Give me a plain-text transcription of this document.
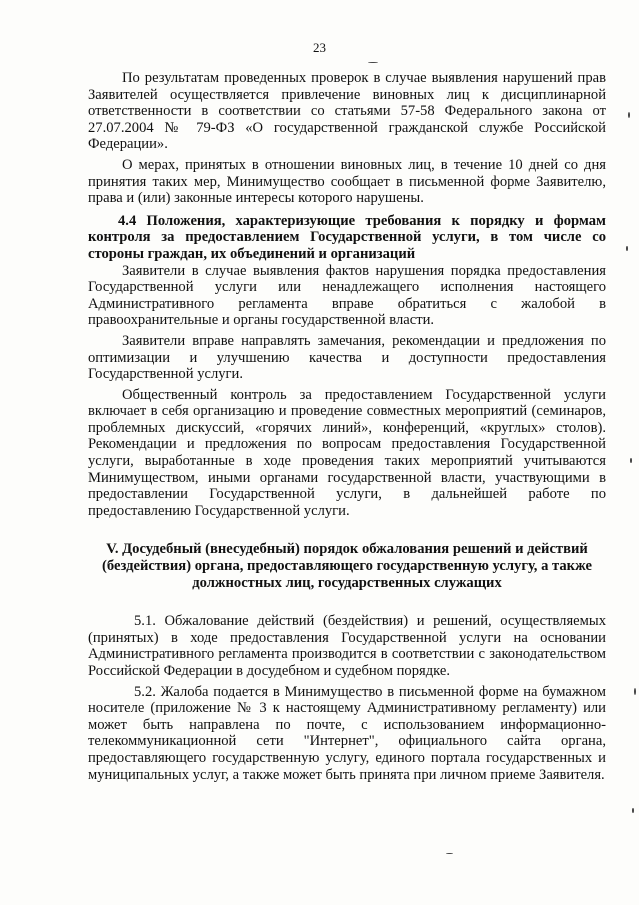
23

По результатам проведенных проверок в случае выявления нарушений прав Заявителей осуществляется привлечение виновных лиц к дисциплинарной ответственности в соответствии со статьями 57-58 Федерального закона от 27.07.2004 № 79-ФЗ «О государственной гражданской службе Российской Федерации».

О мерах, принятых в отношении виновных лиц, в течение 10 дней со дня принятия таких мер, Минимущество сообщает в письменной форме Заявителю, права и (или) законные интересы которого нарушены.

4.4 Положения, характеризующие требования к порядку и формам контроля за предоставлением Государственной услуги, в том числе со стороны граждан, их объединений и организаций

Заявители в случае выявления фактов нарушения порядка предоставления Государственной услуги или ненадлежащего исполнения настоящего Административного регламента вправе обратиться с жалобой в правоохранительные и органы государственной власти.

Заявители вправе направлять замечания, рекомендации и предложения по оптимизации и улучшению качества и доступности предоставления Государственной услуги.

Общественный контроль за предоставлением Государственной услуги включает в себя организацию и проведение совместных мероприятий (семинаров, проблемных дискуссий, «горячих линий», конференций, «круглых» столов). Рекомендации и предложения по вопросам предоставления Государственной услуги, выработанные в ходе проведения таких мероприятий учитываются Минимуществом, иными органами государственной власти, участвующими в предоставлении Государственной услуги, в дальнейшей работе по предоставлению Государственной услуги.

V. Досудебный (внесудебный) порядок обжалования решений и действий (бездействия) органа, предоставляющего государственную услугу, а также должностных лиц, государственных служащих

5.1. Обжалование действий (бездействия) и решений, осуществляемых (принятых) в ходе предоставления Государственной услуги на основании Административного регламента производится в соответствии с законодательством Российской Федерации в досудебном и судебном порядке.

5.2. Жалоба подается в Минимущество в письменной форме на бумажном носителе (приложение № 3 к настоящему Административному регламенту) или может быть направлена по почте, с использованием информационно-телекоммуникационной сети "Интернет", официального сайта органа, предоставляющего государственную услугу, единого портала государственных и муниципальных услуг, а также может быть принята при личном приеме Заявителя.
